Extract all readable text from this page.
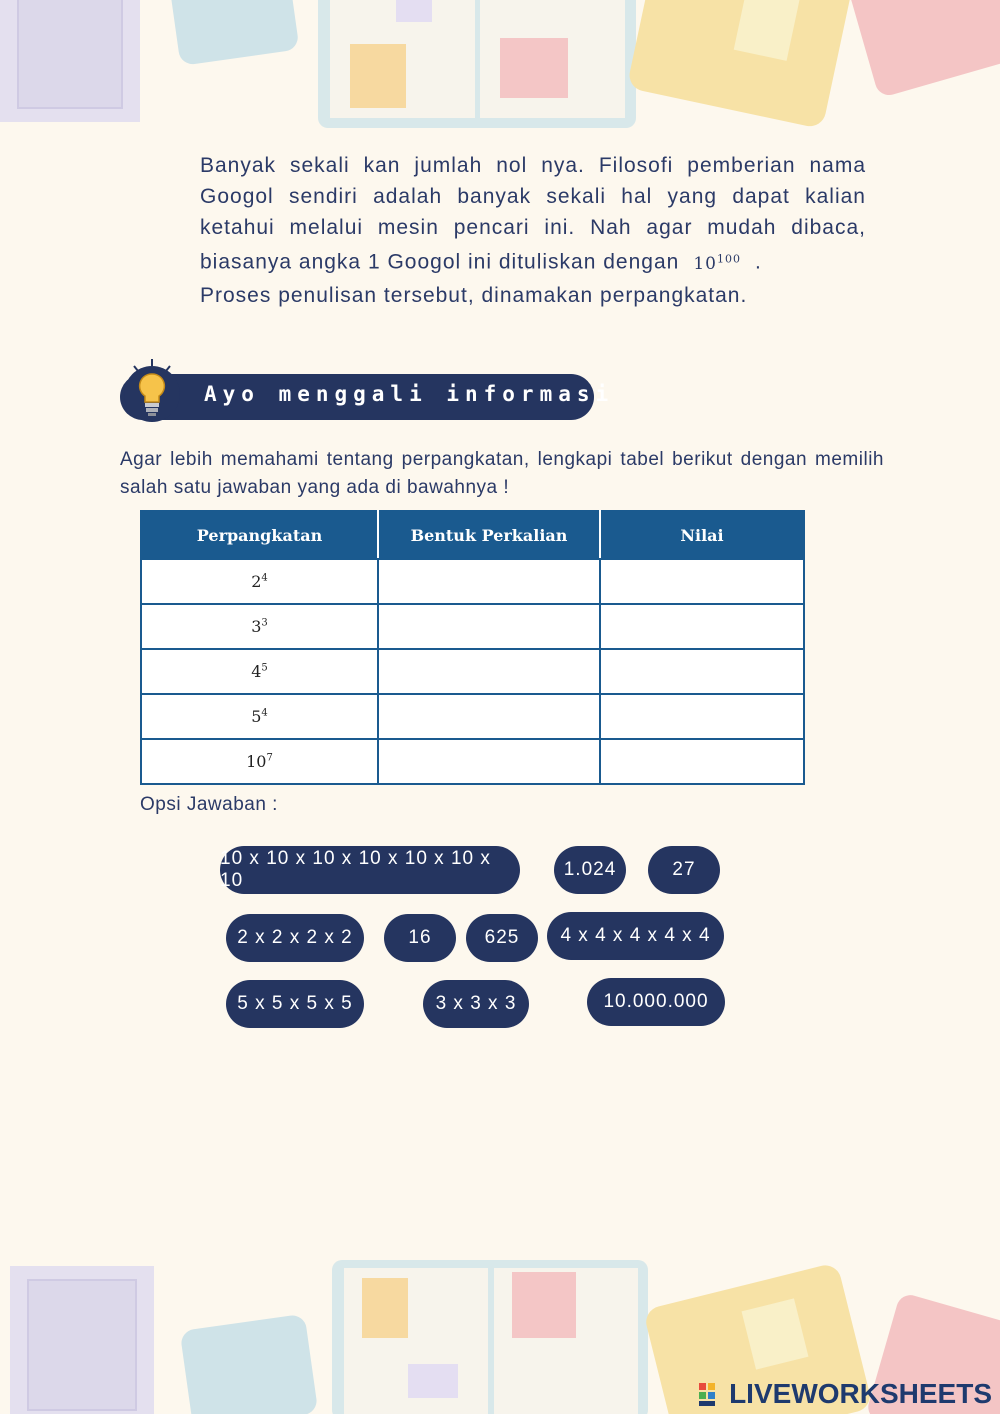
Banyak sekali kan jumlah nol nya. Filosofi pemberian nama Googol sendiri adalah banyak sekali hal yang dapat kalian ketahui melalui mesin pencari ini. Nah agar mudah dibaca, biasanya angka 1 Googol ini dituliskan dengan $10^{100}$ .

Proses penulisan tersebut, dinamakan perpangkatan.

Ayo menggali informasi
Agar lebih memahami tentang perpangkatan, lengkapi tabel berikut dengan memilih salah satu jawaban yang ada di bawahnya !
Perpangkatan	Bentuk Perkalian	Nilai
$2^4$		
$3^3$		
$4^5$		
$5^4$		
$10^7$		
Opsi Jawaban :
10 x 10 x 10 x 10 x 10 x 10 x 10
1.024	27
2 x 2 x 2 x 2	16	625	4 x 4 x 4 x 4 x 4
5 x 5 x 5 x 5	3 x 3 x 3	10.000.000
LIVEWORKSHEETS
